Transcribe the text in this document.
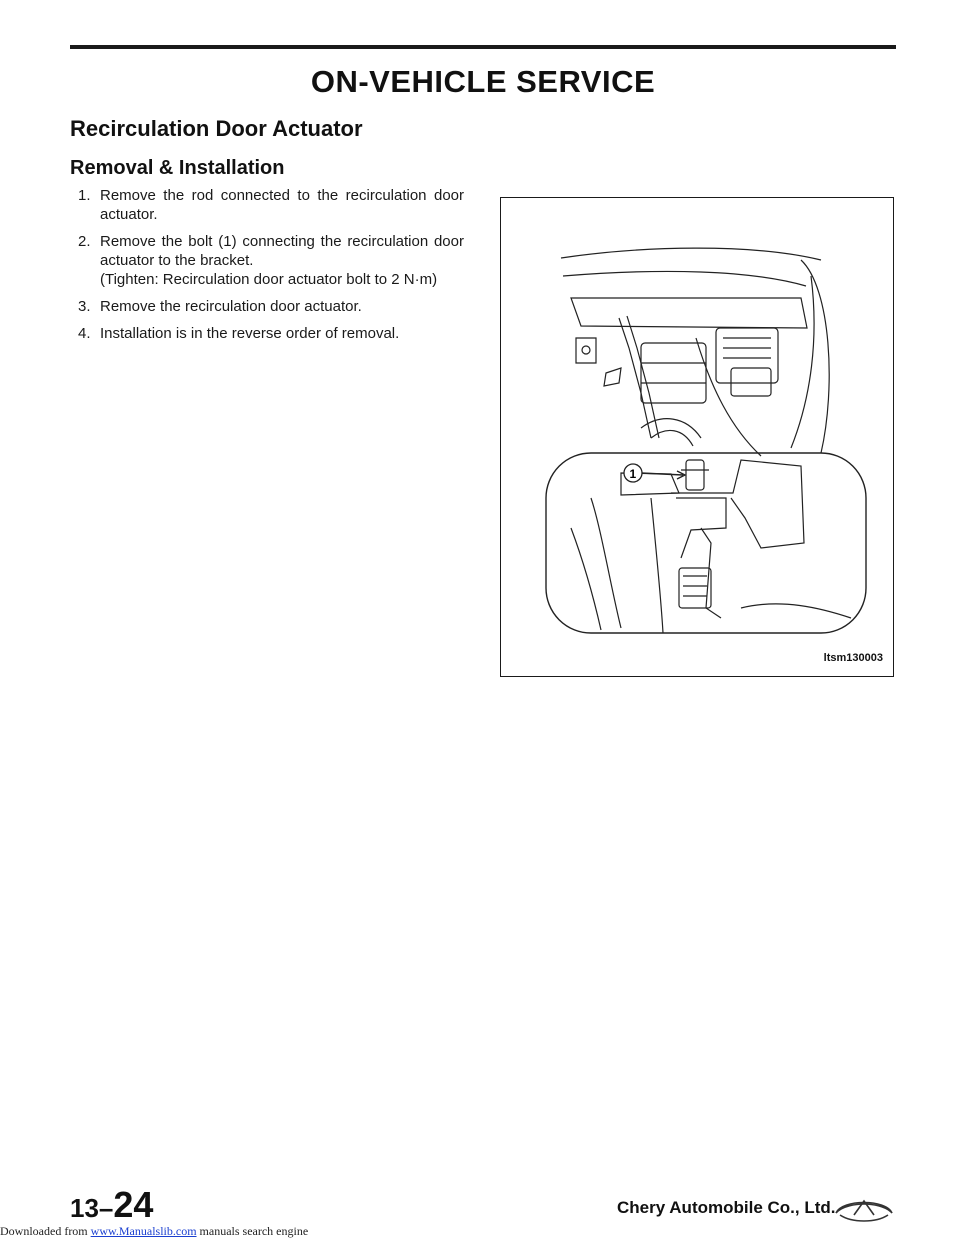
ON-VEHICLE SERVICE
Recirculation Door Actuator
Removal & Installation
1. Remove the rod connected to the recirculation door actuator.
2. Remove the bolt (1) connecting the recirculation door actuator to the bracket.
(Tighten: Recirculation door actuator bolt to 2 N·m)
3. Remove the recirculation door actuator.
4. Installation is in the reverse order of removal.
1
ltsm130003
13–24	Chery Automobile Co., Ltd.
Downloaded from www.Manualslib.com manuals search engine
